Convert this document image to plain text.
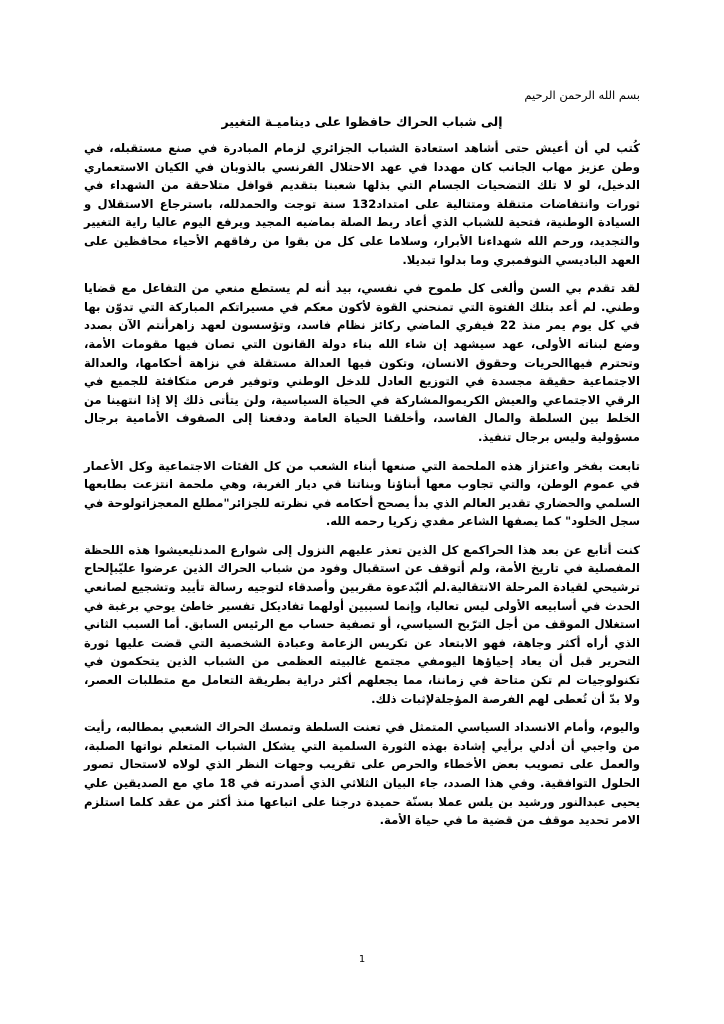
بسم الله الرحمن الرحيم

إلى شباب الحراك حافظوا على ديناميـة التغيير

كُتب لي أن أعيش حتى أشاهد استعادة الشباب الجزائري لزمام المبادرة في صنع مستقبله، في وطن عزيز مهاب الجانب كان مهددا في عهد الاحتلال الفرنسي بالذوبان في الكيان الاستعماري الدخيل، لو لا تلك التضحيات الجسام التي بذلها شعبنا بتقديم قوافل متلاحقة من الشهداء في ثورات وانتفاضات متنقلة ومتتالية على امتداد132 سنة توجت والحمدلله، باسترجاع الاستقلال و السيادة الوطنية، فتحية للشباب الذي أعاد ربط الصلة بماضيه المجيد ويرفع اليوم عاليا راية التغيير والتجديد، ورحم الله شهداءنا الأبرار، وسلاما على كل من بقوا من رفاقهم الأحياء محافظين على العهد الباديسي النوفمبري وما بدلوا تبديلا.

لقد تقدم بي السن وألغى كل طموح في نفسي، بيد أنه لم يستطع منعي من التفاعل مع قضايا وطني. لم أعد بتلك الفتوة التي تمنحني القوة لأكون معكم في مسيراتكم المباركة التي تدوّن بها في كل يوم يمر منذ 22 فيفري الماضي ركائز نظام فاسد، وتؤسسون لعهد زاهرأنتم الآن بصدد وضع لبناته الأولى، عهد سيشهد إن شاء الله بناء دولة القانون التي تصان فيها مقومات الأمة، وتحترم فيهاالحريات وحقوق الانسان، وتكون فيها العدالة مستقلة في نزاهة أحكامها، والعدالة الاجتماعية حقيقة مجسدة في التوزيع العادل للدخل الوطني وتوفير فرص متكافئة للجميع في الرقي الاجتماعي والعيش الكريموالمشاركة في الحياة السياسية، ولن يتأتى ذلك إلا إذا انتهينا من الخلط بين السلطة والمال الفاسد، وأخلقنا الحياة العامة ودفعنا إلى الصفوف الأمامية برجال مسؤولية وليس برجال تنفيذ.

تابعت بفخر واعتزاز هذه الملحمة التي صنعها أبناء الشعب من كل الفئات الاجتماعية وكل الأعمار في عموم الوطن، والتي تجاوب معها أبناؤنا وبناتنا في ديار الغربة، وهي ملحمة انتزعت بطابعها السلمي والحضاري تقدير العالم الذي بدأ يصحح أحكامه في نظرته للجزائر"مطلع المعجزاتولوحة في سجل الخلود" كما يصفها الشاعر مفدي زكريا رحمه الله.

كنت أتابع عن بعد هذا الحراكمع كل الذين تعذر عليهم النزول إلى شوارع المدنليعيشوا هذه اللحظة المفصلية في تاريخ الأمة، ولم أتوقف عن استقبال وفود من شباب الحراك الذين عرضوا عليّبإلحاح ترشيحي لقيادة المرحلة الانتقالية.لم ألبّدعوة مقربين وأصدقاء لتوجيه رسالة تأييد وتشجيع لصانعي الحدث في أسابيعه الأولى ليس تعاليا، وإنما لسببين أولهما تفاديكل تفسير خاطئ يوحي برغبة في استغلال الموقف من أجل الترّبح السياسي، أو تصفية حساب مع الرئيس السابق. أما السبب الثاني الذي أراه أكثر وجاهة، فهو الابتعاد عن تكريس الزعامة وعبادة الشخصية التي قضت عليها ثورة التحرير قبل أن يعاد إحياؤها اليومفي مجتمع غالبيته العظمى من الشباب الذين يتحكمون في تكنولوجيات لم تكن متاحة في زماننا، مما يجعلهم أكثر دراية بطريقة التعامل مع متطلبات العصر، ولا بدّ أن تُعطى لهم الفرصة المؤجلةلإثبات ذلك.

واليوم، وأمام الانسداد السياسي المتمثل في تعنت السلطة وتمسك الحراك الشعبي بمطالبه، رأيت من واجبي أن أدلي برأيي إشادة بهذه الثورة السلمية التي يشكل الشباب المتعلم نواتها الصلبة، والعمل على تصويب بعض الأخطاء والحرص على تقريب وجهات النظر الذي لولاه لاستحال تصور الحلول التوافقية. وفي هذا الصدد، جاء البيان الثلاثي الذي أصدرته في 18 ماي مع الصديقين علي يحيى عبدالنور ورشيد بن يلس عملا بسنّة حميدة درجنا على اتباعها منذ أكثر من عقد كلما استلزم الامر تحديد موقف من قضية ما في حياة الأمة.

1
